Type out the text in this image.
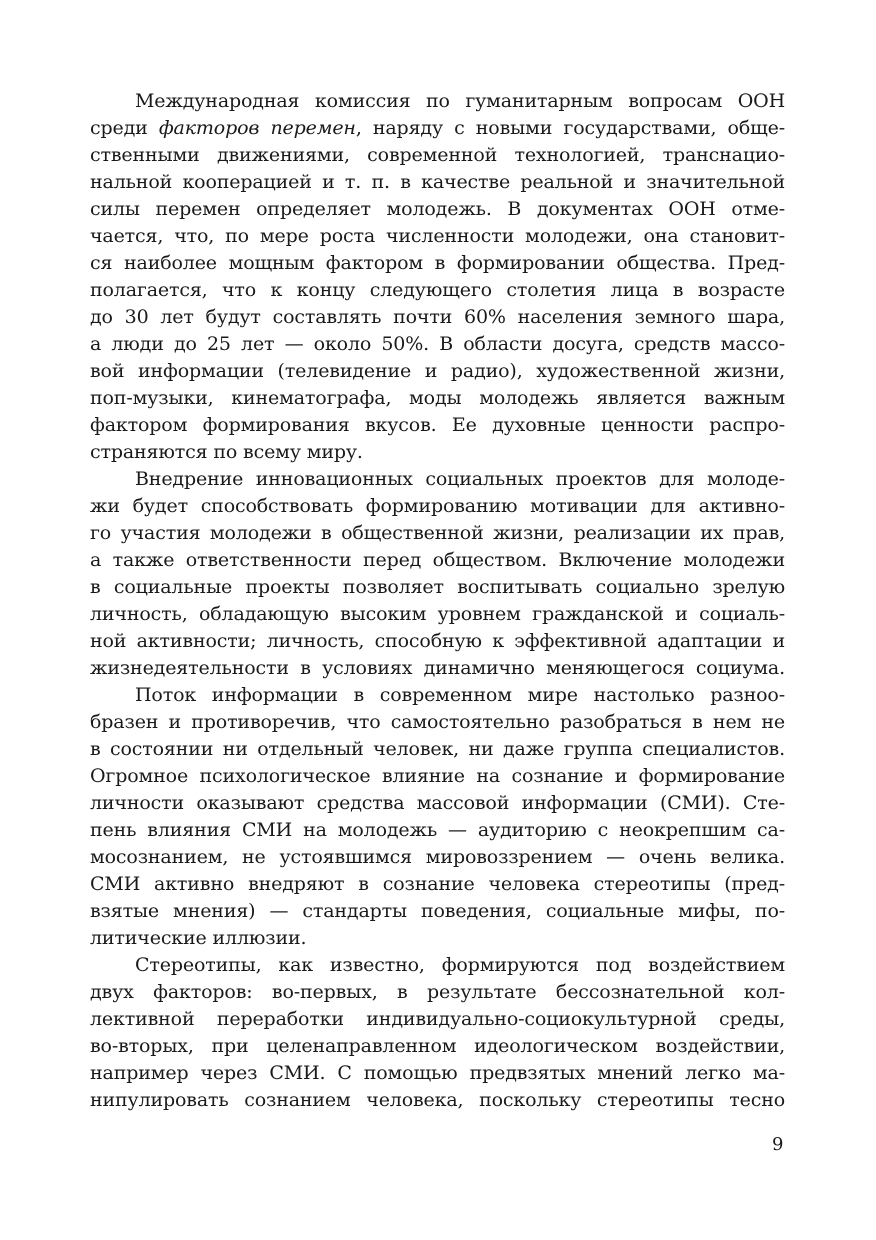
Международная комиссия по гуманитарным вопросам ООН
среди факторов перемен, наряду с новыми государствами, обще-
ственными движениями, современной технологией, транснацио-
нальной кооперацией и т. п. в качестве реальной и значительной
силы перемен определяет молодежь. В документах ООН отме-
чается, что, по мере роста численности молодежи, она становит-
ся наиболее мощным фактором в формировании общества. Пред-
полагается, что к концу следующего столетия лица в возрасте
до 30 лет будут составлять почти 60% населения земного шара,
а люди до 25 лет — около 50%. В области досуга, средств массо-
вой информации (телевидение и радио), художественной жизни,
поп-музыки, кинематографа, моды молодежь является важным
фактором формирования вкусов. Ее духовные ценности распро-
страняются по всему миру.
Внедрение инновационных социальных проектов для молоде-
жи будет способствовать формированию мотивации для активно-
го участия молодежи в общественной жизни, реализации их прав,
а также ответственности перед обществом. Включение молодежи
в социальные проекты позволяет воспитывать социально зрелую
личность, обладающую высоким уровнем гражданской и социаль-
ной активности; личность, способную к эффективной адаптации и
жизнедеятельности в условиях динамично меняющегося социума.
Поток информации в современном мире настолько разноо-
бразен и противоречив, что самостоятельно разобраться в нем не
в состоянии ни отдельный человек, ни даже группа специалистов.
Огромное психологическое влияние на сознание и формирование
личности оказывают средства массовой информации (СМИ). Сте-
пень влияния СМИ на молодежь — аудиторию с неокрепшим са-
мосознанием, не устоявшимся мировоззрением — очень велика.
СМИ активно внедряют в сознание человека стереотипы (пред-
взятые мнения) — стандарты поведения, социальные мифы, по-
литические иллюзии.
Стереотипы, как известно, формируются под воздействием
двух факторов: во-первых, в результате бессознательной кол-
лективной переработки индивидуально-социокультурной среды,
во-вторых, при целенаправленном идеологическом воздействии,
например через СМИ. С помощью предвзятых мнений легко ма-
нипулировать сознанием человека, поскольку стереотипы тесно
9
